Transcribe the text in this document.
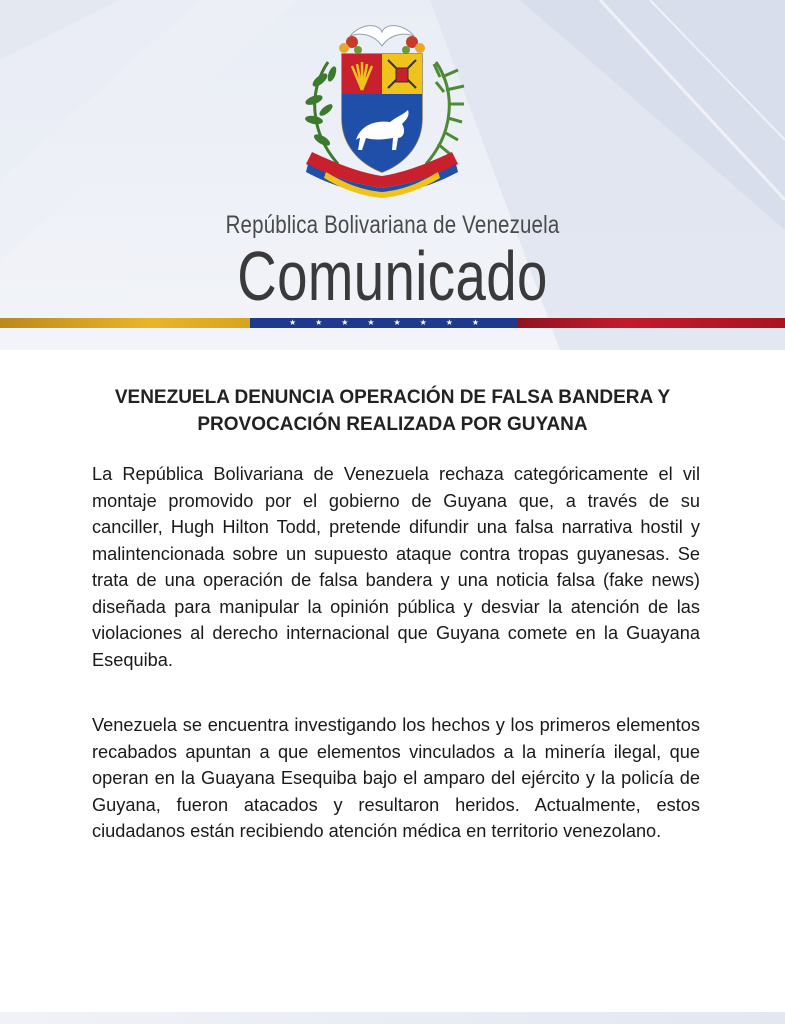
República Bolivariana de Venezuela
Comunicado
★ ★ ★ ★ ★ ★ ★ ★
VENEZUELA DENUNCIA OPERACIÓN DE FALSA BANDERA Y PROVOCACIÓN REALIZADA POR GUYANA

La República Bolivariana de Venezuela rechaza categóricamente el vil montaje promovido por el gobierno de Guyana que, a través de su canciller, Hugh Hilton Todd, pretende difundir una falsa narrativa hostil y malintencionada sobre un supuesto ataque contra tropas guyanesas. Se trata de una operación de falsa bandera y una noticia falsa (fake news) diseñada para manipular la opinión pública y desviar la atención de las violaciones al derecho internacional que Guyana comete en la Guayana Esequiba.

Venezuela se encuentra investigando los hechos y los primeros elementos recabados apuntan a que elementos vinculados a la minería ilegal, que operan en la Guayana Esequiba bajo el amparo del ejército y la policía de Guyana, fueron atacados y resultaron heridos. Actualmente, estos ciudadanos están recibiendo atención médica en territorio venezolano.
